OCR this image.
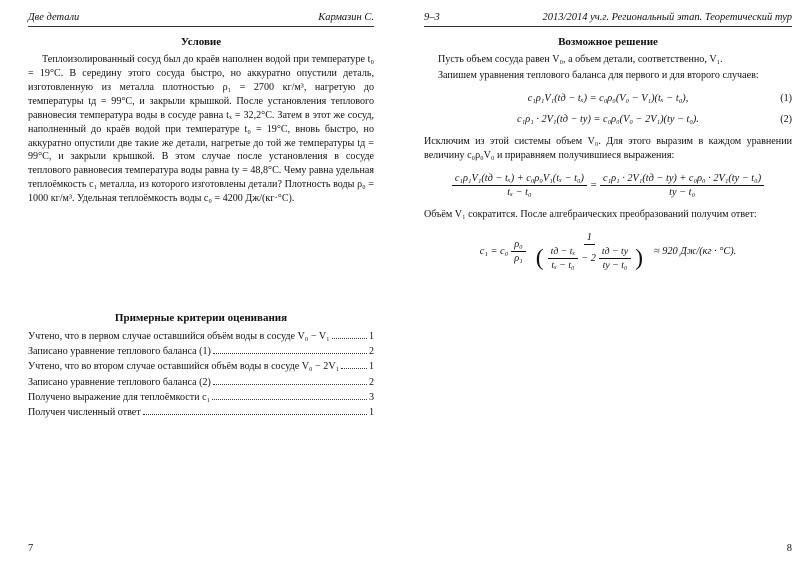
Две детали	Кармазин С.
Условие

Теплоизолированный сосуд был до краёв наполнен водой при температуре t₀ = 19°C. В середину этого сосуда быстро, но аккуратно опустили деталь, изготовленную из металла плотностью ρ₁ = 2700 кг/м³, нагретую до температуры tд = 99°C, и закрыли крышкой. После установления теплового равновесия температура воды в сосуде равна tₓ = 32,2°C. Затем в этот же сосуд, наполненный до краёв водой при температуре t₀ = 19°C, вновь быстро, но аккуратно опустили две такие же детали, нагретые до той же температуры tд = 99°C, и закрыли крышкой. В этом случае после установления в сосуде теплового равновесия температура воды равна tу = 48,8°C. Чему равна удельная теплоёмкость c₁ металла, из которого изготовлены детали? Плотность воды ρ₀ = 1000 кг/м³. Удельная теплоёмкость воды c₀ = 4200 Дж/(кг·°C).

Примерные критерии оценивания
Учтено, что в первом случае оставшийся объём воды в сосуде V₀ − V₁	1
Записано уравнение теплового баланса (1)	2
Учтено, что во втором случае оставшийся объём воды в сосуде V₀ − 2V₁	1
Записано уравнение теплового баланса (2)	2
Получено выражение для теплоёмкости c₁	3
Получен численный ответ	1
7
9–3	2013/2014 уч.г. Региональный этап. Теоретический тур
Возможное решение

Пусть объем сосуда равен V₀, а объем детали, соответственно, V₁.

Запишем уравнения теплового баланса для первого и для второго случаев:

c₁ρ₁V₁(tд − tₓ) = c₀ρ₀(V₀ − V₁)(tₓ − t₀),	(1)
c₁ρ₁ · 2V₁(tд − tу) = c₀ρ₀(V₀ − 2V₁)(tу − t₀).	(2)

Исключим из этой системы объем V₀. Для этого выразим в каждом уравнении величину c₀ρ₀V₀ и приравняем получившиеся выражения:

$\frac{\text{c₁ρ₁V₁(tд − tₓ) + c₀ρ₀V₁(tₓ − t₀)}}{\text{tₓ − t₀}} = \frac{\text{c₁ρ₁ · 2V₁(tд − tу) + c₀ρ₀ · 2V₁(tу − t₀)}}{\text{tу − t₀}}$

Объём V₁ сократится. После алгебраических преобразований получим ответ:

$c_1 = c_0 \frac{\text{ρ₀}}{\text{ρ₁}}$
1
( $\frac{\text{tд − tₓ}}{\text{tₓ − t₀}} - 2 \frac{tд - tу}{\text{tу − t₀}}$ ) ≈ 920 Дж/(кг · °C).
8
